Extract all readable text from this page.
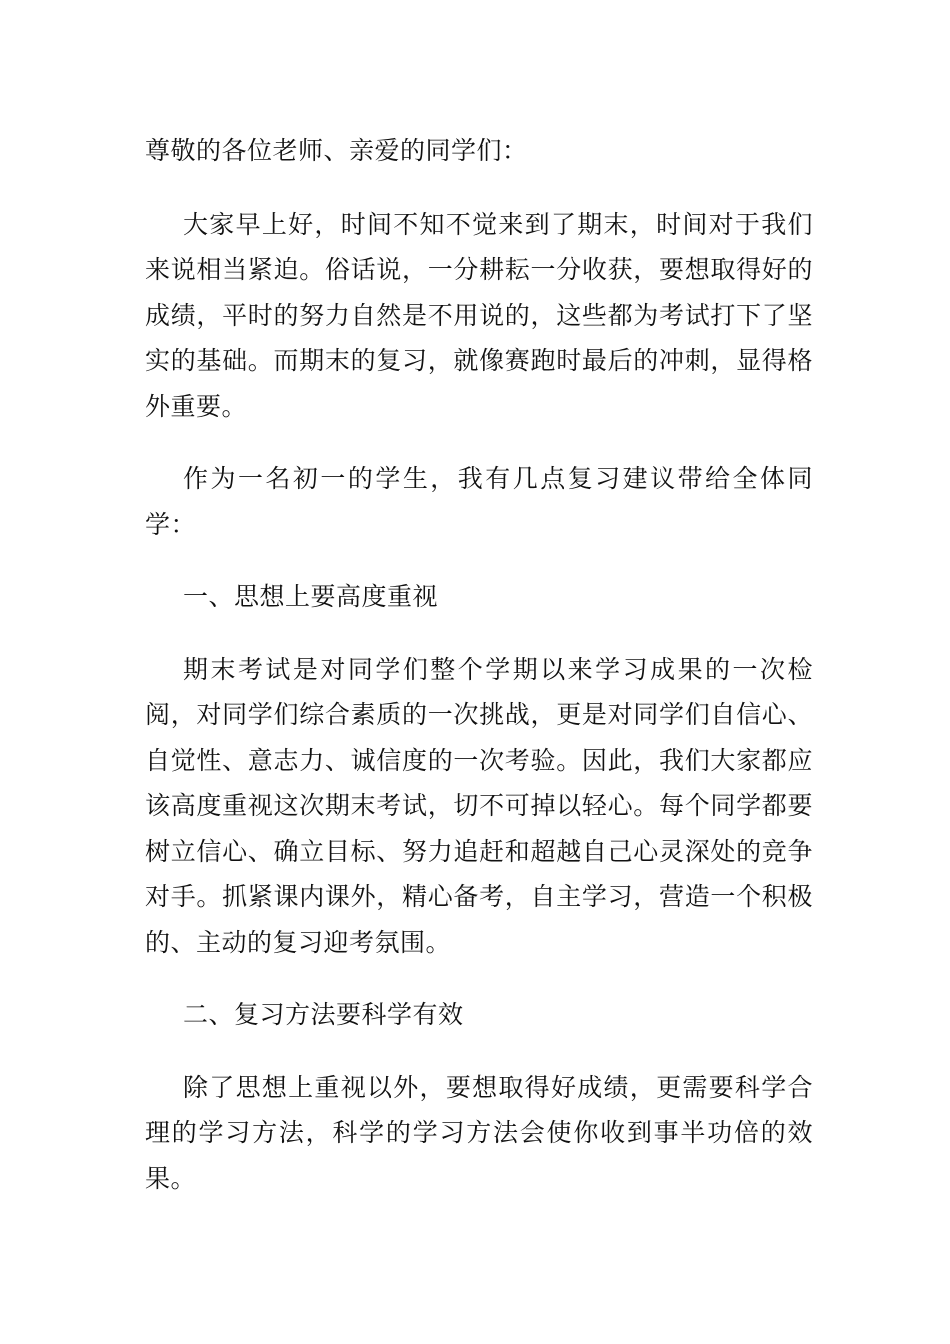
尊敬的各位老师、亲爱的同学们：

大家早上好，时间不知不觉来到了期末，时间对于我们来说相当紧迫。俗话说，一分耕耘一分收获，要想取得好的成绩，平时的努力自然是不用说的，这些都为考试打下了坚实的基础。而期末的复习，就像赛跑时最后的冲刺，显得格外重要。

作为一名初一的学生，我有几点复习建议带给全体同学：

一、思想上要高度重视

期末考试是对同学们整个学期以来学习成果的一次检阅，对同学们综合素质的一次挑战，更是对同学们自信心、自觉性、意志力、诚信度的一次考验。因此，我们大家都应该高度重视这次期末考试，切不可掉以轻心。每个同学都要树立信心、确立目标、努力追赶和超越自己心灵深处的竞争对手。抓紧课内课外，精心备考，自主学习，营造一个积极的、主动的复习迎考氛围。

二、复习方法要科学有效

除了思想上重视以外，要想取得好成绩，更需要科学合理的学习方法，科学的学习方法会使你收到事半功倍的效果。
